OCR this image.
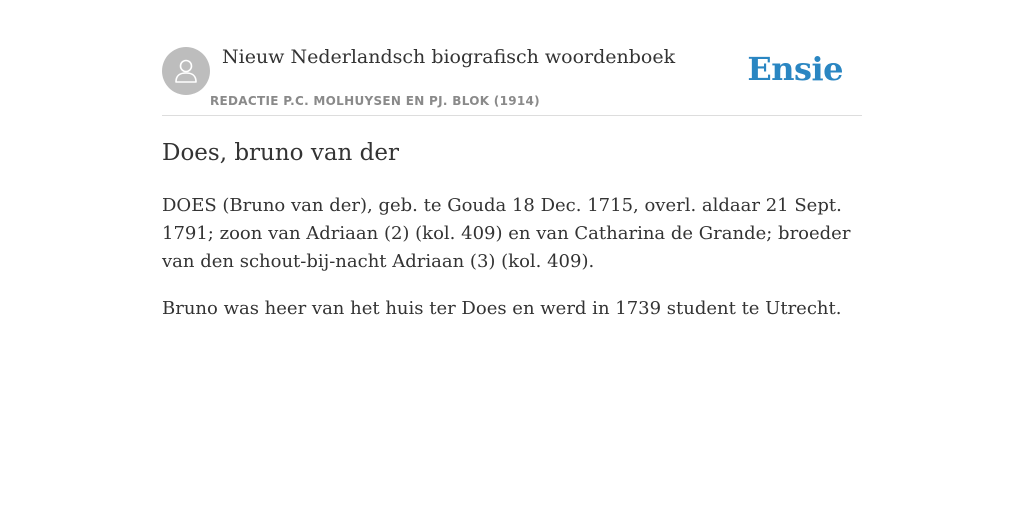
Nieuw Nederlandsch biografisch woordenboek
REDACTIE P.C. MOLHUYSEN EN PJ. BLOK (1914)
Ensie
Does, bruno van der

DOES (Bruno van der), geb. te Gouda 18 Dec. 1715, overl. aldaar 21 Sept. 1791; zoon van Adriaan (2) (kol. 409) en van Catharina de Grande; broeder van den schout-bij-nacht Adriaan (3) (kol. 409).

Bruno was heer van het huis ter Does en werd in 1739 student te Utrecht.
